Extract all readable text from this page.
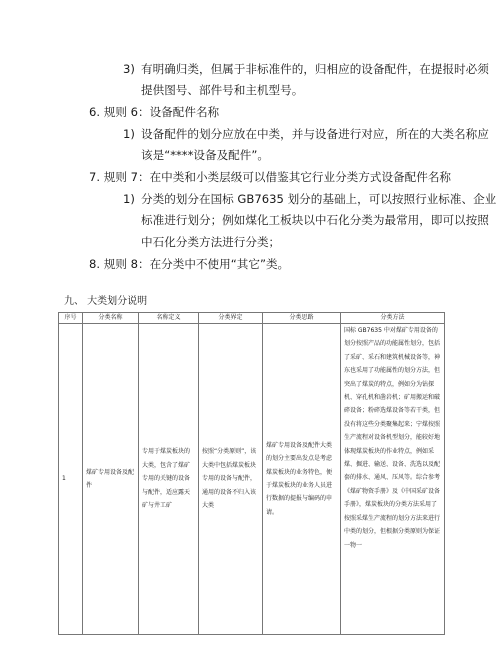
3) 有明确归类，但属于非标准件的，归相应的设备配件，在提报时必须
提供图号、部件号和主机型号。
6. 规则 6：设备配件名称
1) 设备配件的划分应放在中类，并与设备进行对应，所在的大类名称应
该是“****设备及配件”。
7. 规则 7：在中类和小类层级可以借鉴其它行业分类方式设备配件名称
1) 分类的划分在国标 GB7635 划分的基础上，可以按照行业标准、企业
标准进行划分；例如煤化工板块以中石化分类为最常用，即可以按照
中石化分类方法进行分类；
8. 规则 8：在分类中不使用“其它”类。
九、 大类划分说明
序号	分类名称	名称定义	分类界定	分类思路	分类方法

1	煤矿专用设备及配件	专用于煤炭板块的大类，包含了煤矿专用的关键的设备与配件，适应露天矿与井工矿	按照“分类原则”，该大类中包括煤炭板块专用的设备与配件，通用的设备不归入该大类	煤矿专用设备及配件大类的划分主要出发点是考虑煤炭板块的业务特色，便于煤炭板块的业务人员进行数据的提报与编码的申请。	国标 GB7635 中对煤矿专用设备的划分按照产品的功能属性划分，包括了采矿、采石和建筑机械设备等，神东也采用了功能属性的划分方法，但突出了煤炭的特点，例如分为钻探机、穿孔机和凿岩机；矿用搬运和破碎设备；粉碎选煤设备等若干类，但没有将这些分类聚集起来；宁煤按照生产流程对设备机型划分，能较好地体现煤炭板块的作业特点，例如采煤、掘进、输送、设备、洗选以及配套的排水、通风、压风等。综合参考《煤矿物资手册》及《中国采矿设备手册》，煤炭板块的分类方法采用了按照采煤生产流程的划分方法来进行中类的划分，但根据分类原则为保证一物一
